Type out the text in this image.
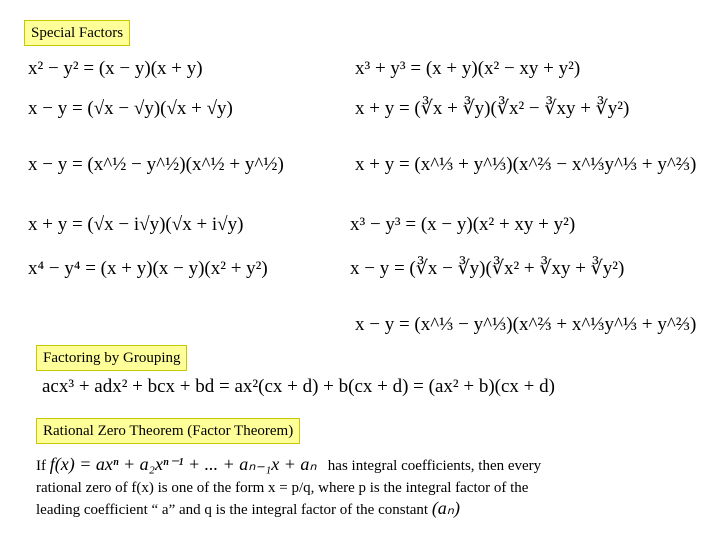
Special Factors
x² − y² = (x − y)(x + y)	x³ + y³ = (x + y)(x² − xy + y²)
x − y = (√x − √y)(√x + √y)	x + y = (∛x + ∛y)(∛x² − ∛xy + ∛y²)
x − y = (x^½ − y^½)(x^½ + y^½)	x + y = (x^⅓ + y^⅓)(x^⅔ − x^⅓y^⅓ + y^⅔)
x + y = (√x − i√y)(√x + i√y)	x³ − y³ = (x − y)(x² + xy + y²)
x⁴ − y⁴ = (x + y)(x − y)(x² + y²)	x − y = (∛x − ∛y)(∛x² + ∛xy + ∛y²)
x − y = (x^⅓ − y^⅓)(x^⅔ + x^⅓y^⅓ + y^⅔)
Factoring by Grouping
acx³ + adx² + bcx + bd = ax²(cx + d) + b(cx + d) = (ax² + b)(cx + d)
Rational Zero Theorem (Factor Theorem)
If f(x) = axⁿ + a₂xⁿ⁻¹ + ... + aₙ₋₁x + aₙ has integral coefficients, then every
rational zero of f(x) is one of the form x = p/q, where p is the integral factor of the
leading coefficient “ a” and q is the integral factor of the constant (aₙ)
